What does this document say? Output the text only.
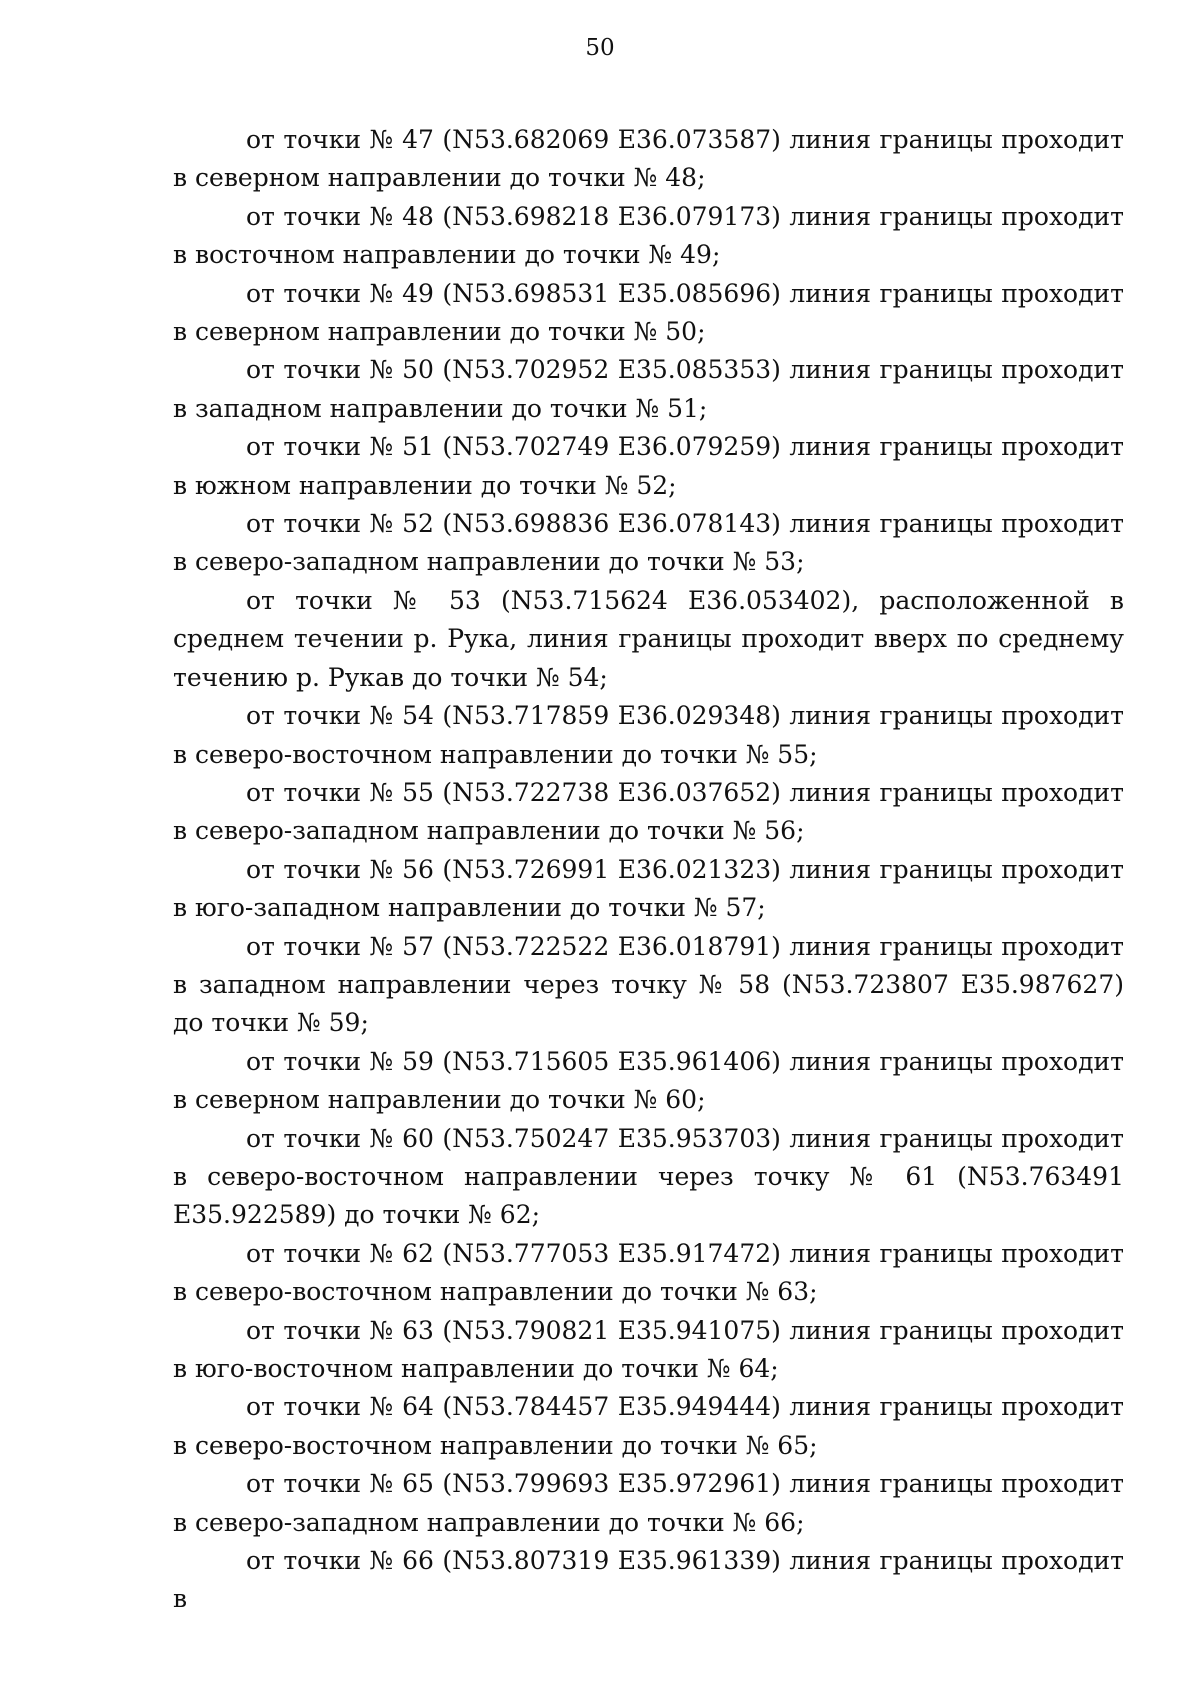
50

от точки № 47 (N53.682069 E36.073587) линия границы проходит в северном направлении до точки № 48;

от точки № 48 (N53.698218 E36.079173) линия границы проходит в восточном направлении до точки № 49;

от точки № 49 (N53.698531 E35.085696) линия границы проходит в северном направлении до точки № 50;

от точки № 50 (N53.702952 E35.085353) линия границы проходит в западном направлении до точки № 51;

от точки № 51 (N53.702749 E36.079259) линия границы проходит в южном направлении до точки № 52;

от точки № 52 (N53.698836 E36.078143) линия границы проходит в северо-западном направлении до точки № 53;

от точки № 53 (N53.715624 E36.053402), расположенной в среднем течении р. Рука, линия границы проходит вверх по среднему течению р. Рукав до точки № 54;

от точки № 54 (N53.717859 E36.029348) линия границы проходит в северо-восточном направлении до точки № 55;

от точки № 55 (N53.722738 E36.037652) линия границы проходит в северо-западном направлении до точки № 56;

от точки № 56 (N53.726991 E36.021323) линия границы проходит в юго-западном направлении до точки № 57;

от точки № 57 (N53.722522 E36.018791) линия границы проходит в западном направлении через точку № 58 (N53.723807 E35.987627) до точки № 59;

от точки № 59 (N53.715605 E35.961406) линия границы проходит в северном направлении до точки № 60;

от точки № 60 (N53.750247 E35.953703) линия границы проходит в северо-восточном направлении через точку № 61 (N53.763491 E35.922589) до точки № 62;

от точки № 62 (N53.777053 E35.917472) линия границы проходит в северо-восточном направлении до точки № 63;

от точки № 63 (N53.790821 E35.941075) линия границы проходит в юго-восточном направлении до точки № 64;

от точки № 64 (N53.784457 E35.949444) линия границы проходит в северо-восточном направлении до точки № 65;

от точки № 65 (N53.799693 E35.972961) линия границы проходит в северо-западном направлении до точки № 66;

от точки № 66 (N53.807319 E35.961339) линия границы проходит в
